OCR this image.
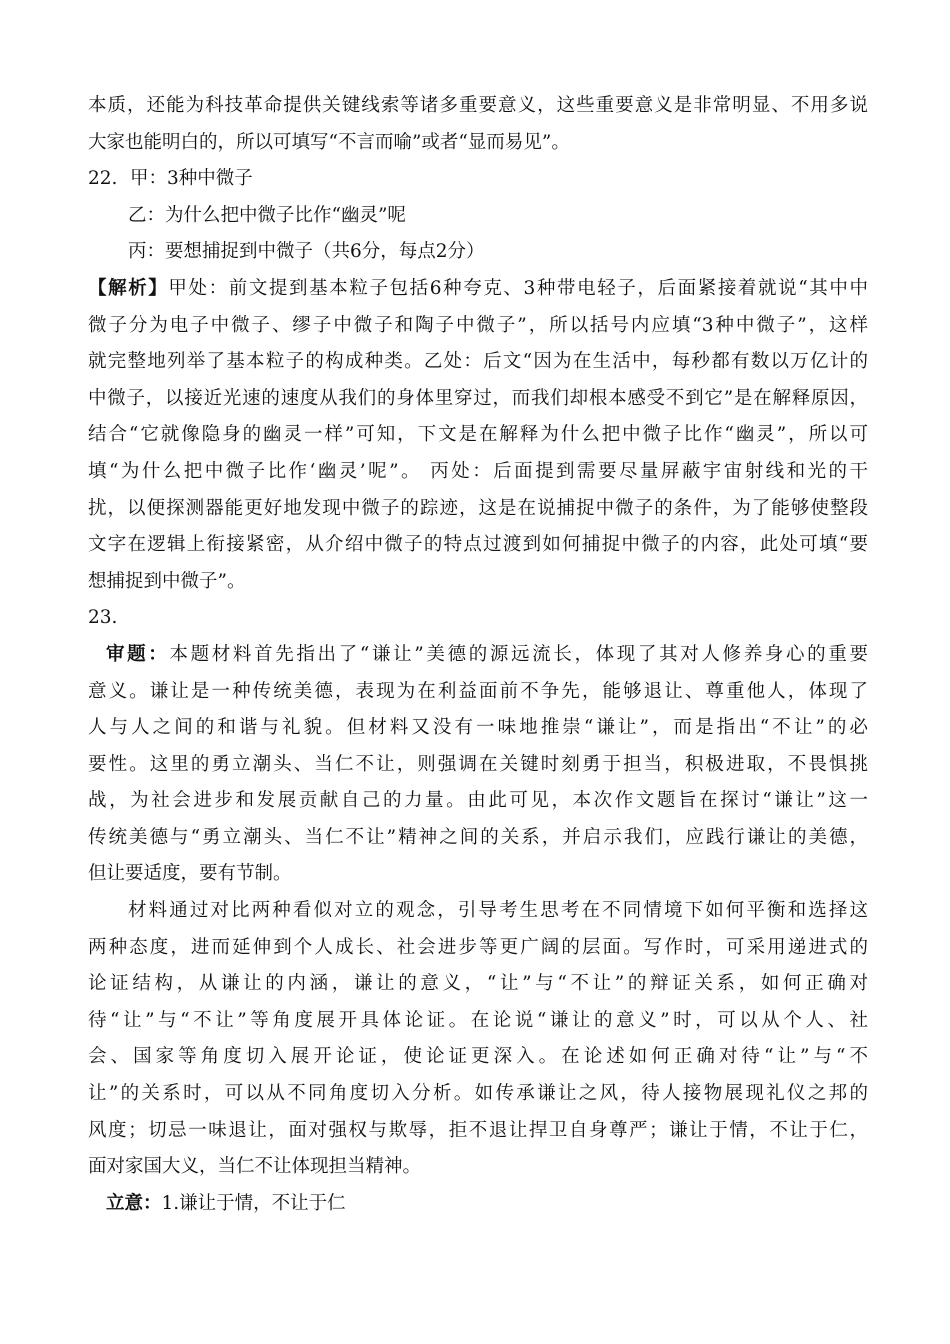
本质，还能为科技革命提供关键线索等诸多重要意义，这些重要意义是非常明显、不用多说
大家也能明白的，所以可填写“不言而喻”或者“显而易见”。
22. 甲：3种中微子
乙：为什么把中微子比作“幽灵”呢
丙：要想捕捉到中微子（共6分，每点2分）
【解析】甲处：前文提到基本粒子包括6种夸克、3种带电轻子，后面紧接着就说“其中中
微子分为电子中微子、缪子中微子和陶子中微子”，所以括号内应填“3种中微子”，这样
就完整地列举了基本粒子的构成种类。乙处：后文“因为在生活中，每秒都有数以万亿计的
中微子，以接近光速的速度从我们的身体里穿过，而我们却根本感受不到它”是在解释原因，
结合“它就像隐身的幽灵一样”可知，下文是在解释为什么把中微子比作“幽灵”，所以可
填“为什么把中微子比作‘幽灵’呢”。 丙处：后面提到需要尽量屏蔽宇宙射线和光的干
扰，以便探测器能更好地发现中微子的踪迹，这是在说捕捉中微子的条件，为了能够使整段
文字在逻辑上衔接紧密，从介绍中微子的特点过渡到如何捕捉中微子的内容，此处可填“要
想捕捉到中微子”。
23.
审题：本题材料首先指出了“谦让”美德的源远流长，体现了其对人修养身心的重要
意义。谦让是一种传统美德，表现为在利益面前不争先，能够退让、尊重他人，体现了
人与人之间的和谐与礼貌。但材料又没有一味地推崇“谦让”，而是指出“不让”的必
要性。这里的勇立潮头、当仁不让，则强调在关键时刻勇于担当，积极进取，不畏惧挑
战，为社会进步和发展贡献自己的力量。由此可见，本次作文题旨在探讨“谦让”这一
传统美德与“勇立潮头、当仁不让”精神之间的关系，并启示我们，应践行谦让的美德，
但让要适度，要有节制。
材料通过对比两种看似对立的观念，引导考生思考在不同情境下如何平衡和选择这
两种态度，进而延伸到个人成长、社会进步等更广阔的层面。写作时，可采用递进式的
论证结构，从谦让的内涵，谦让的意义，“让”与“不让”的辩证关系，如何正确对
待“让”与“不让”等角度展开具体论证。在论说“谦让的意义”时，可以从个人、社
会、国家等角度切入展开论证，使论证更深入。在论述如何正确对待“让”与“不
让”的关系时，可以从不同角度切入分析。如传承谦让之风，待人接物展现礼仪之邦的
风度；切忌一味退让，面对强权与欺辱，拒不退让捍卫自身尊严；谦让于情，不让于仁，
面对家国大义，当仁不让体现担当精神。
立意：1.谦让于情，不让于仁
